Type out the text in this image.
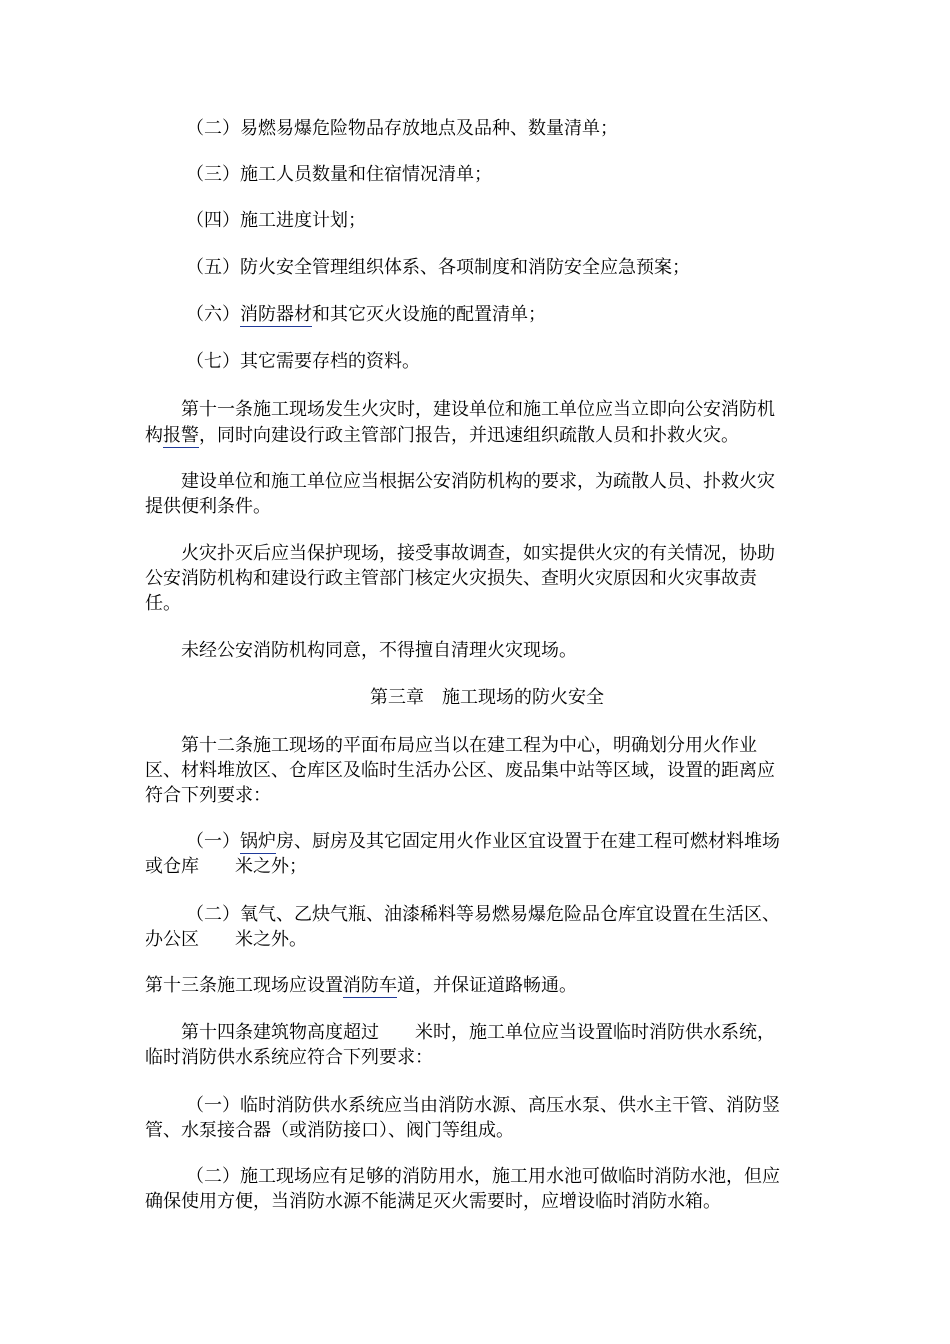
（二）易燃易爆危险物品存放地点及品种、数量清单；
（三）施工人员数量和住宿情况清单；
（四）施工进度计划；
（五）防火安全管理组织体系、各项制度和消防安全应急预案；
（六）消防器材和其它灭火设施的配置清单；
（七）其它需要存档的资料。
第十一条施工现场发生火灾时，建设单位和施工单位应当立即向公安消防机
构报警，同时向建设行政主管部门报告，并迅速组织疏散人员和扑救火灾。
建设单位和施工单位应当根据公安消防机构的要求，为疏散人员、扑救火灾
提供便利条件。
火灾扑灭后应当保护现场，接受事故调查，如实提供火灾的有关情况，协助
公安消防机构和建设行政主管部门核定火灾损失、查明火灾原因和火灾事故责
任。
未经公安消防机构同意，不得擅自清理火灾现场。
第三章　施工现场的防火安全
第十二条施工现场的平面布局应当以在建工程为中心，明确划分用火作业
区、材料堆放区、仓库区及临时生活办公区、废品集中站等区域，设置的距离应
符合下列要求：
（一）锅炉房、厨房及其它固定用火作业区宜设置于在建工程可燃材料堆场
或仓库　　米之外；
（二）氧气、乙炔气瓶、油漆稀料等易燃易爆危险品仓库宜设置在生活区、
办公区　　米之外。
第十三条施工现场应设置消防车道，并保证道路畅通。
第十四条建筑物高度超过　　米时，施工单位应当设置临时消防供水系统，
临时消防供水系统应符合下列要求：
（一）临时消防供水系统应当由消防水源、高压水泵、供水主干管、消防竖
管、水泵接合器（或消防接口）、阀门等组成。
（二）施工现场应有足够的消防用水，施工用水池可做临时消防水池，但应
确保使用方便，当消防水源不能满足灭火需要时，应增设临时消防水箱。
